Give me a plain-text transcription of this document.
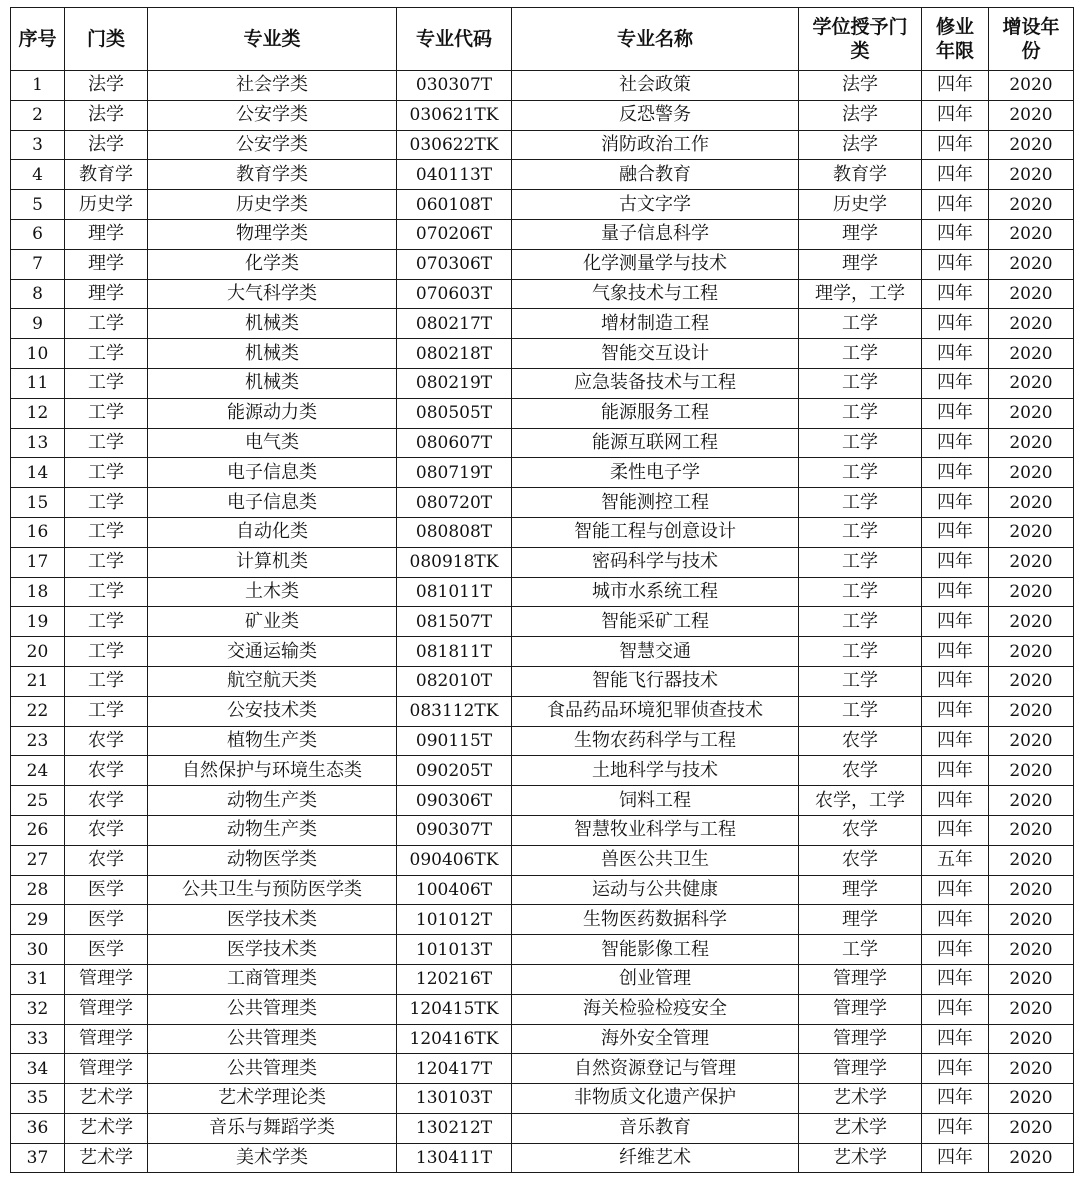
序号	门类	专业类	专业代码	专业名称	学位授予门类	修业年限	增设年份
1	法学	社会学类	030307T	社会政策	法学	四年	2020
2	法学	公安学类	030621TK	反恐警务	法学	四年	2020
3	法学	公安学类	030622TK	消防政治工作	法学	四年	2020
4	教育学	教育学类	040113T	融合教育	教育学	四年	2020
5	历史学	历史学类	060108T	古文字学	历史学	四年	2020
6	理学	物理学类	070206T	量子信息科学	理学	四年	2020
7	理学	化学类	070306T	化学测量学与技术	理学	四年	2020
8	理学	大气科学类	070603T	气象技术与工程	理学，工学	四年	2020
9	工学	机械类	080217T	增材制造工程	工学	四年	2020
10	工学	机械类	080218T	智能交互设计	工学	四年	2020
11	工学	机械类	080219T	应急装备技术与工程	工学	四年	2020
12	工学	能源动力类	080505T	能源服务工程	工学	四年	2020
13	工学	电气类	080607T	能源互联网工程	工学	四年	2020
14	工学	电子信息类	080719T	柔性电子学	工学	四年	2020
15	工学	电子信息类	080720T	智能测控工程	工学	四年	2020
16	工学	自动化类	080808T	智能工程与创意设计	工学	四年	2020
17	工学	计算机类	080918TK	密码科学与技术	工学	四年	2020
18	工学	土木类	081011T	城市水系统工程	工学	四年	2020
19	工学	矿业类	081507T	智能采矿工程	工学	四年	2020
20	工学	交通运输类	081811T	智慧交通	工学	四年	2020
21	工学	航空航天类	082010T	智能飞行器技术	工学	四年	2020
22	工学	公安技术类	083112TK	食品药品环境犯罪侦查技术	工学	四年	2020
23	农学	植物生产类	090115T	生物农药科学与工程	农学	四年	2020
24	农学	自然保护与环境生态类	090205T	土地科学与技术	农学	四年	2020
25	农学	动物生产类	090306T	饲料工程	农学，工学	四年	2020
26	农学	动物生产类	090307T	智慧牧业科学与工程	农学	四年	2020
27	农学	动物医学类	090406TK	兽医公共卫生	农学	五年	2020
28	医学	公共卫生与预防医学类	100406T	运动与公共健康	理学	四年	2020
29	医学	医学技术类	101012T	生物医药数据科学	理学	四年	2020
30	医学	医学技术类	101013T	智能影像工程	工学	四年	2020
31	管理学	工商管理类	120216T	创业管理	管理学	四年	2020
32	管理学	公共管理类	120415TK	海关检验检疫安全	管理学	四年	2020
33	管理学	公共管理类	120416TK	海外安全管理	管理学	四年	2020
34	管理学	公共管理类	120417T	自然资源登记与管理	管理学	四年	2020
35	艺术学	艺术学理论类	130103T	非物质文化遗产保护	艺术学	四年	2020
36	艺术学	音乐与舞蹈学类	130212T	音乐教育	艺术学	四年	2020
37	艺术学	美术学类	130411T	纤维艺术	艺术学	四年	2020
